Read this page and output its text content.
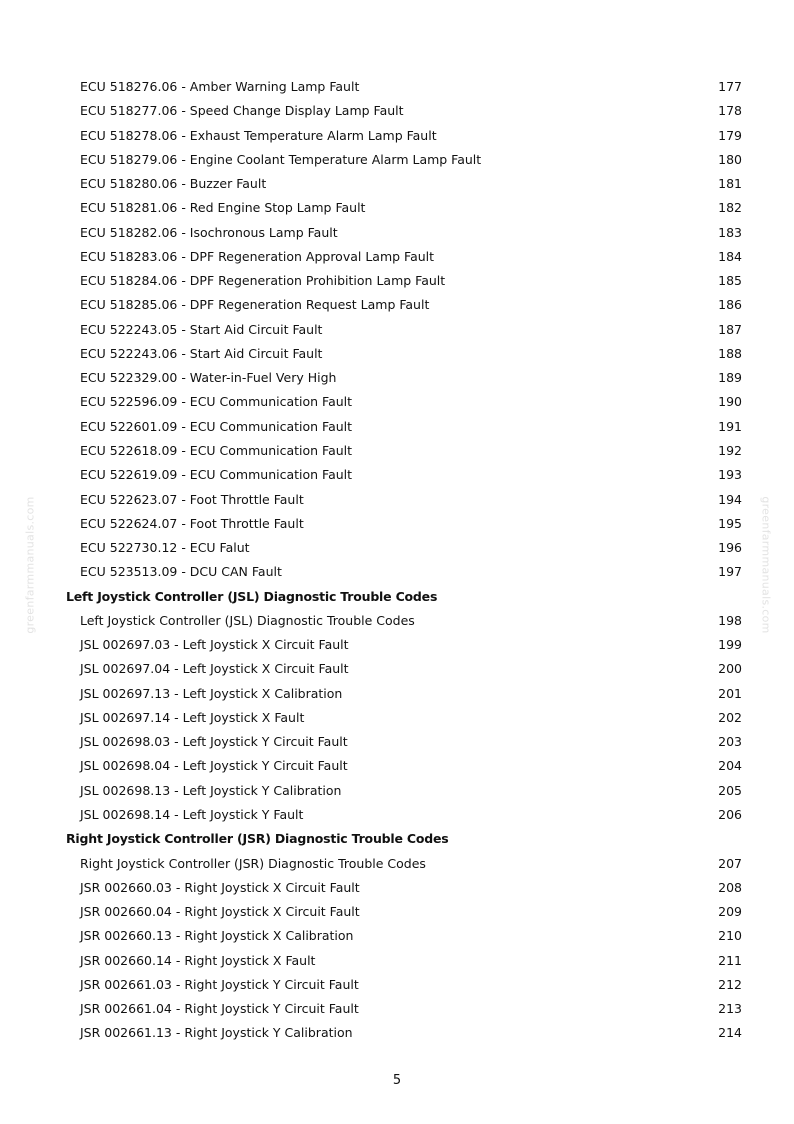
greenfarmmanuals.com	greenfarmmanuals.com
ECU 518276.06 - Amber Warning Lamp Fault	177
ECU 518277.06 - Speed Change Display Lamp Fault	178
ECU 518278.06 - Exhaust Temperature Alarm Lamp Fault	179
ECU 518279.06 - Engine Coolant Temperature Alarm Lamp Fault	180
ECU 518280.06 - Buzzer Fault	181
ECU 518281.06 - Red Engine Stop Lamp Fault	182
ECU 518282.06 - Isochronous Lamp Fault	183
ECU 518283.06 - DPF Regeneration Approval Lamp Fault	184
ECU 518284.06 - DPF Regeneration Prohibition Lamp Fault	185
ECU 518285.06 - DPF Regeneration Request Lamp Fault	186
ECU 522243.05 - Start Aid Circuit Fault	187
ECU 522243.06 - Start Aid Circuit Fault	188
ECU 522329.00 - Water-in-Fuel Very High	189
ECU 522596.09 - ECU Communication Fault	190
ECU 522601.09 - ECU Communication Fault	191
ECU 522618.09 - ECU Communication Fault	192
ECU 522619.09 - ECU Communication Fault	193
ECU 522623.07 - Foot Throttle Fault	194
ECU 522624.07 - Foot Throttle Fault	195
ECU 522730.12 - ECU Falut	196
ECU 523513.09 - DCU CAN Fault	197
Left Joystick Controller (JSL) Diagnostic Trouble Codes
Left Joystick Controller (JSL) Diagnostic Trouble Codes	198
JSL 002697.03 - Left Joystick X Circuit Fault	199
JSL 002697.04 - Left Joystick X Circuit Fault	200
JSL 002697.13 - Left Joystick X Calibration	201
JSL 002697.14 - Left Joystick X Fault	202
JSL 002698.03 - Left Joystick Y Circuit Fault	203
JSL 002698.04 - Left Joystick Y Circuit Fault	204
JSL 002698.13 - Left Joystick Y Calibration	205
JSL 002698.14 - Left Joystick Y Fault	206
Right Joystick Controller (JSR) Diagnostic Trouble Codes
Right Joystick Controller (JSR) Diagnostic Trouble Codes	207
JSR 002660.03 - Right Joystick X Circuit Fault	208
JSR 002660.04 - Right Joystick X Circuit Fault	209
JSR 002660.13 - Right Joystick X Calibration	210
JSR 002660.14 - Right Joystick X Fault	211
JSR 002661.03 - Right Joystick Y Circuit Fault	212
JSR 002661.04 - Right Joystick Y Circuit Fault	213
JSR 002661.13 - Right Joystick Y Calibration	214
5
